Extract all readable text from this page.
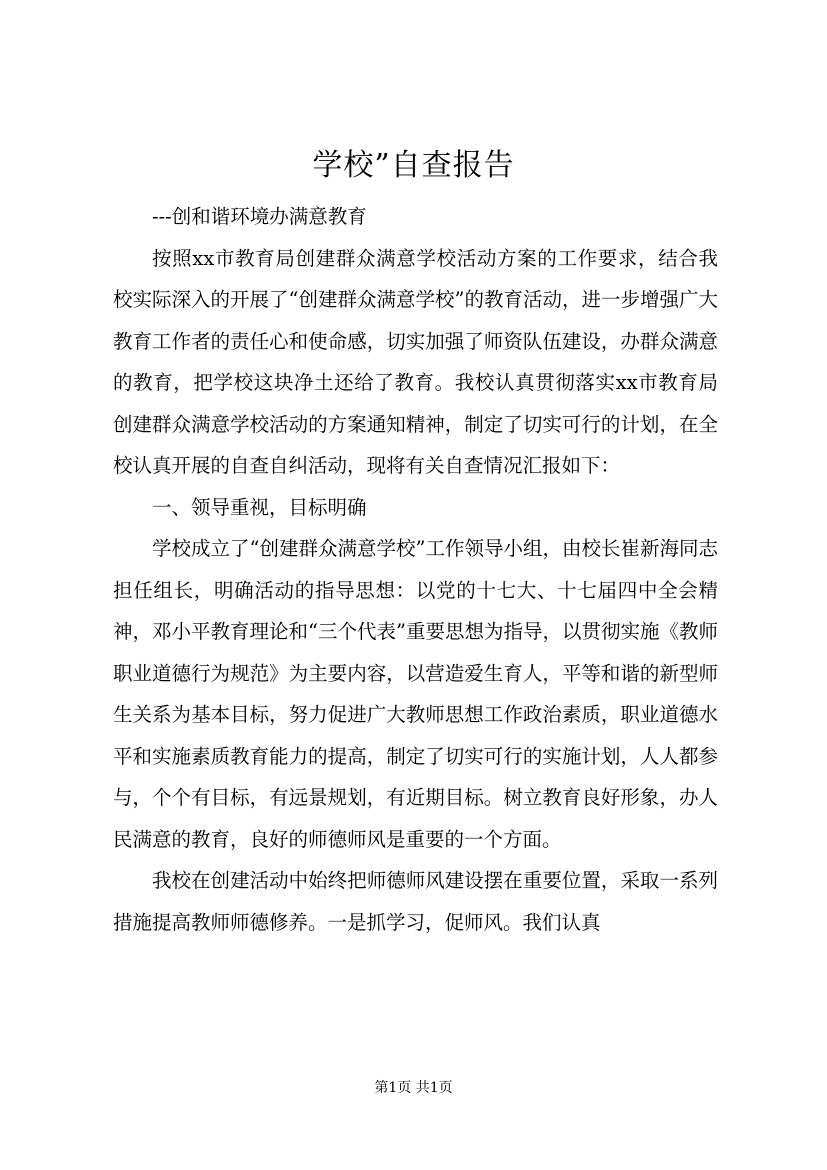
学校”自查报告

---创和谐环境办满意教育

按照xx市教育局创建群众满意学校活动方案的工作要求，结合我校实际深入的开展了“创建群众满意学校”的教育活动，进一步增强广大教育工作者的责任心和使命感，切实加强了师资队伍建设，办群众满意的教育，把学校这块净土还给了教育。我校认真贯彻落实xx市教育局创建群众满意学校活动的方案通知精神，制定了切实可行的计划，在全校认真开展的自查自纠活动，现将有关自查情况汇报如下：

一、领导重视，目标明确

学校成立了“创建群众满意学校”工作领导小组，由校长崔新海同志担任组长，明确活动的指导思想：以党的十七大、十七届四中全会精神，邓小平教育理论和“三个代表”重要思想为指导，以贯彻实施《教师职业道德行为规范》为主要内容，以营造爱生育人，平等和谐的新型师生关系为基本目标，努力促进广大教师思想工作政治素质，职业道德水平和实施素质教育能力的提高，制定了切实可行的实施计划，人人都参与，个个有目标，有远景规划，有近期目标。树立教育良好形象，办人民满意的教育，良好的师德师风是重要的一个方面。

我校在创建活动中始终把师德师风建设摆在重要位置，采取一系列措施提高教师师德修养。一是抓学习，促师风。我们认真

第1页 共1页
